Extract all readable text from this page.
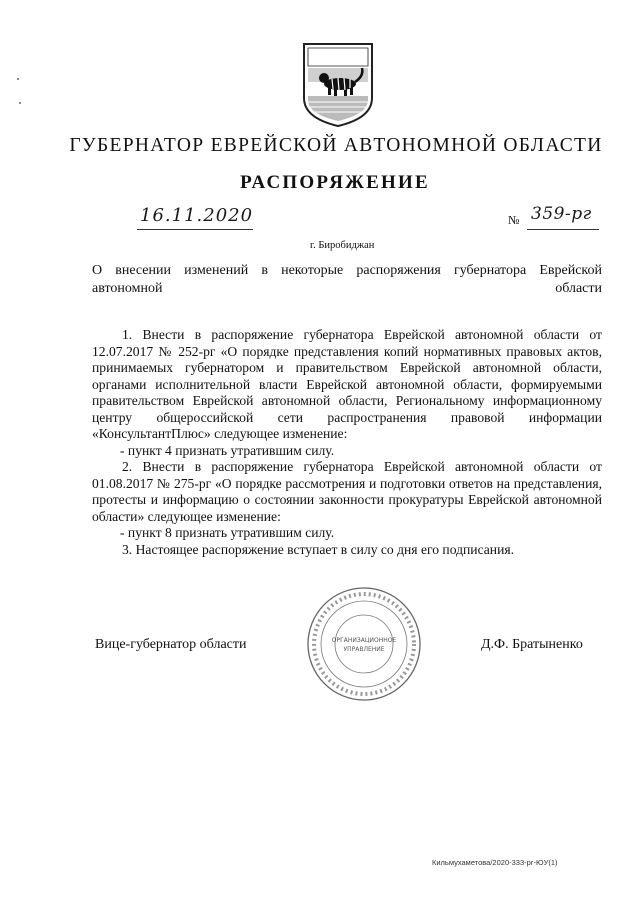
ГУБЕРНАТОР ЕВРЕЙСКОЙ АВТОНОМНОЙ ОБЛАСТИ
РАСПОРЯЖЕНИЕ
16.11.2020	№ 359-рг
г. Биробиджан

О внесении изменений в некоторые распоряжения губернатора Еврейской автономной области

1. Внести в распоряжение губернатора Еврейской автономной области от 12.07.2017 № 252-рг «О порядке представления копий нормативных правовых актов, принимаемых губернатором и правительством Еврейской автономной области, органами исполнительной власти Еврейской автономной области, формируемыми правительством Еврейской автономной области, Региональному информационному центру общероссийской сети распространения правовой информации «КонсультантПлюс» следующее изменение:

- пункт 4 признать утратившим силу.

2. Внести в распоряжение губернатора Еврейской автономной области от 01.08.2017 № 275-рг «О порядке рассмотрения и подготовки ответов на представления, протесты и информацию о состоянии законности прокуратуры Еврейской автономной области» следующее изменение:

- пункт 8 признать утратившим силу.

3. Настоящее распоряжение вступает в силу со дня его подписания.

Вице-губернатор области	Д.Ф. Братыненко
ОРГАНИЗАЦИОННОЕ
УПРАВЛЕНИЕ
Кильмухаметова/2020-333-рг-ЮУ(1)
